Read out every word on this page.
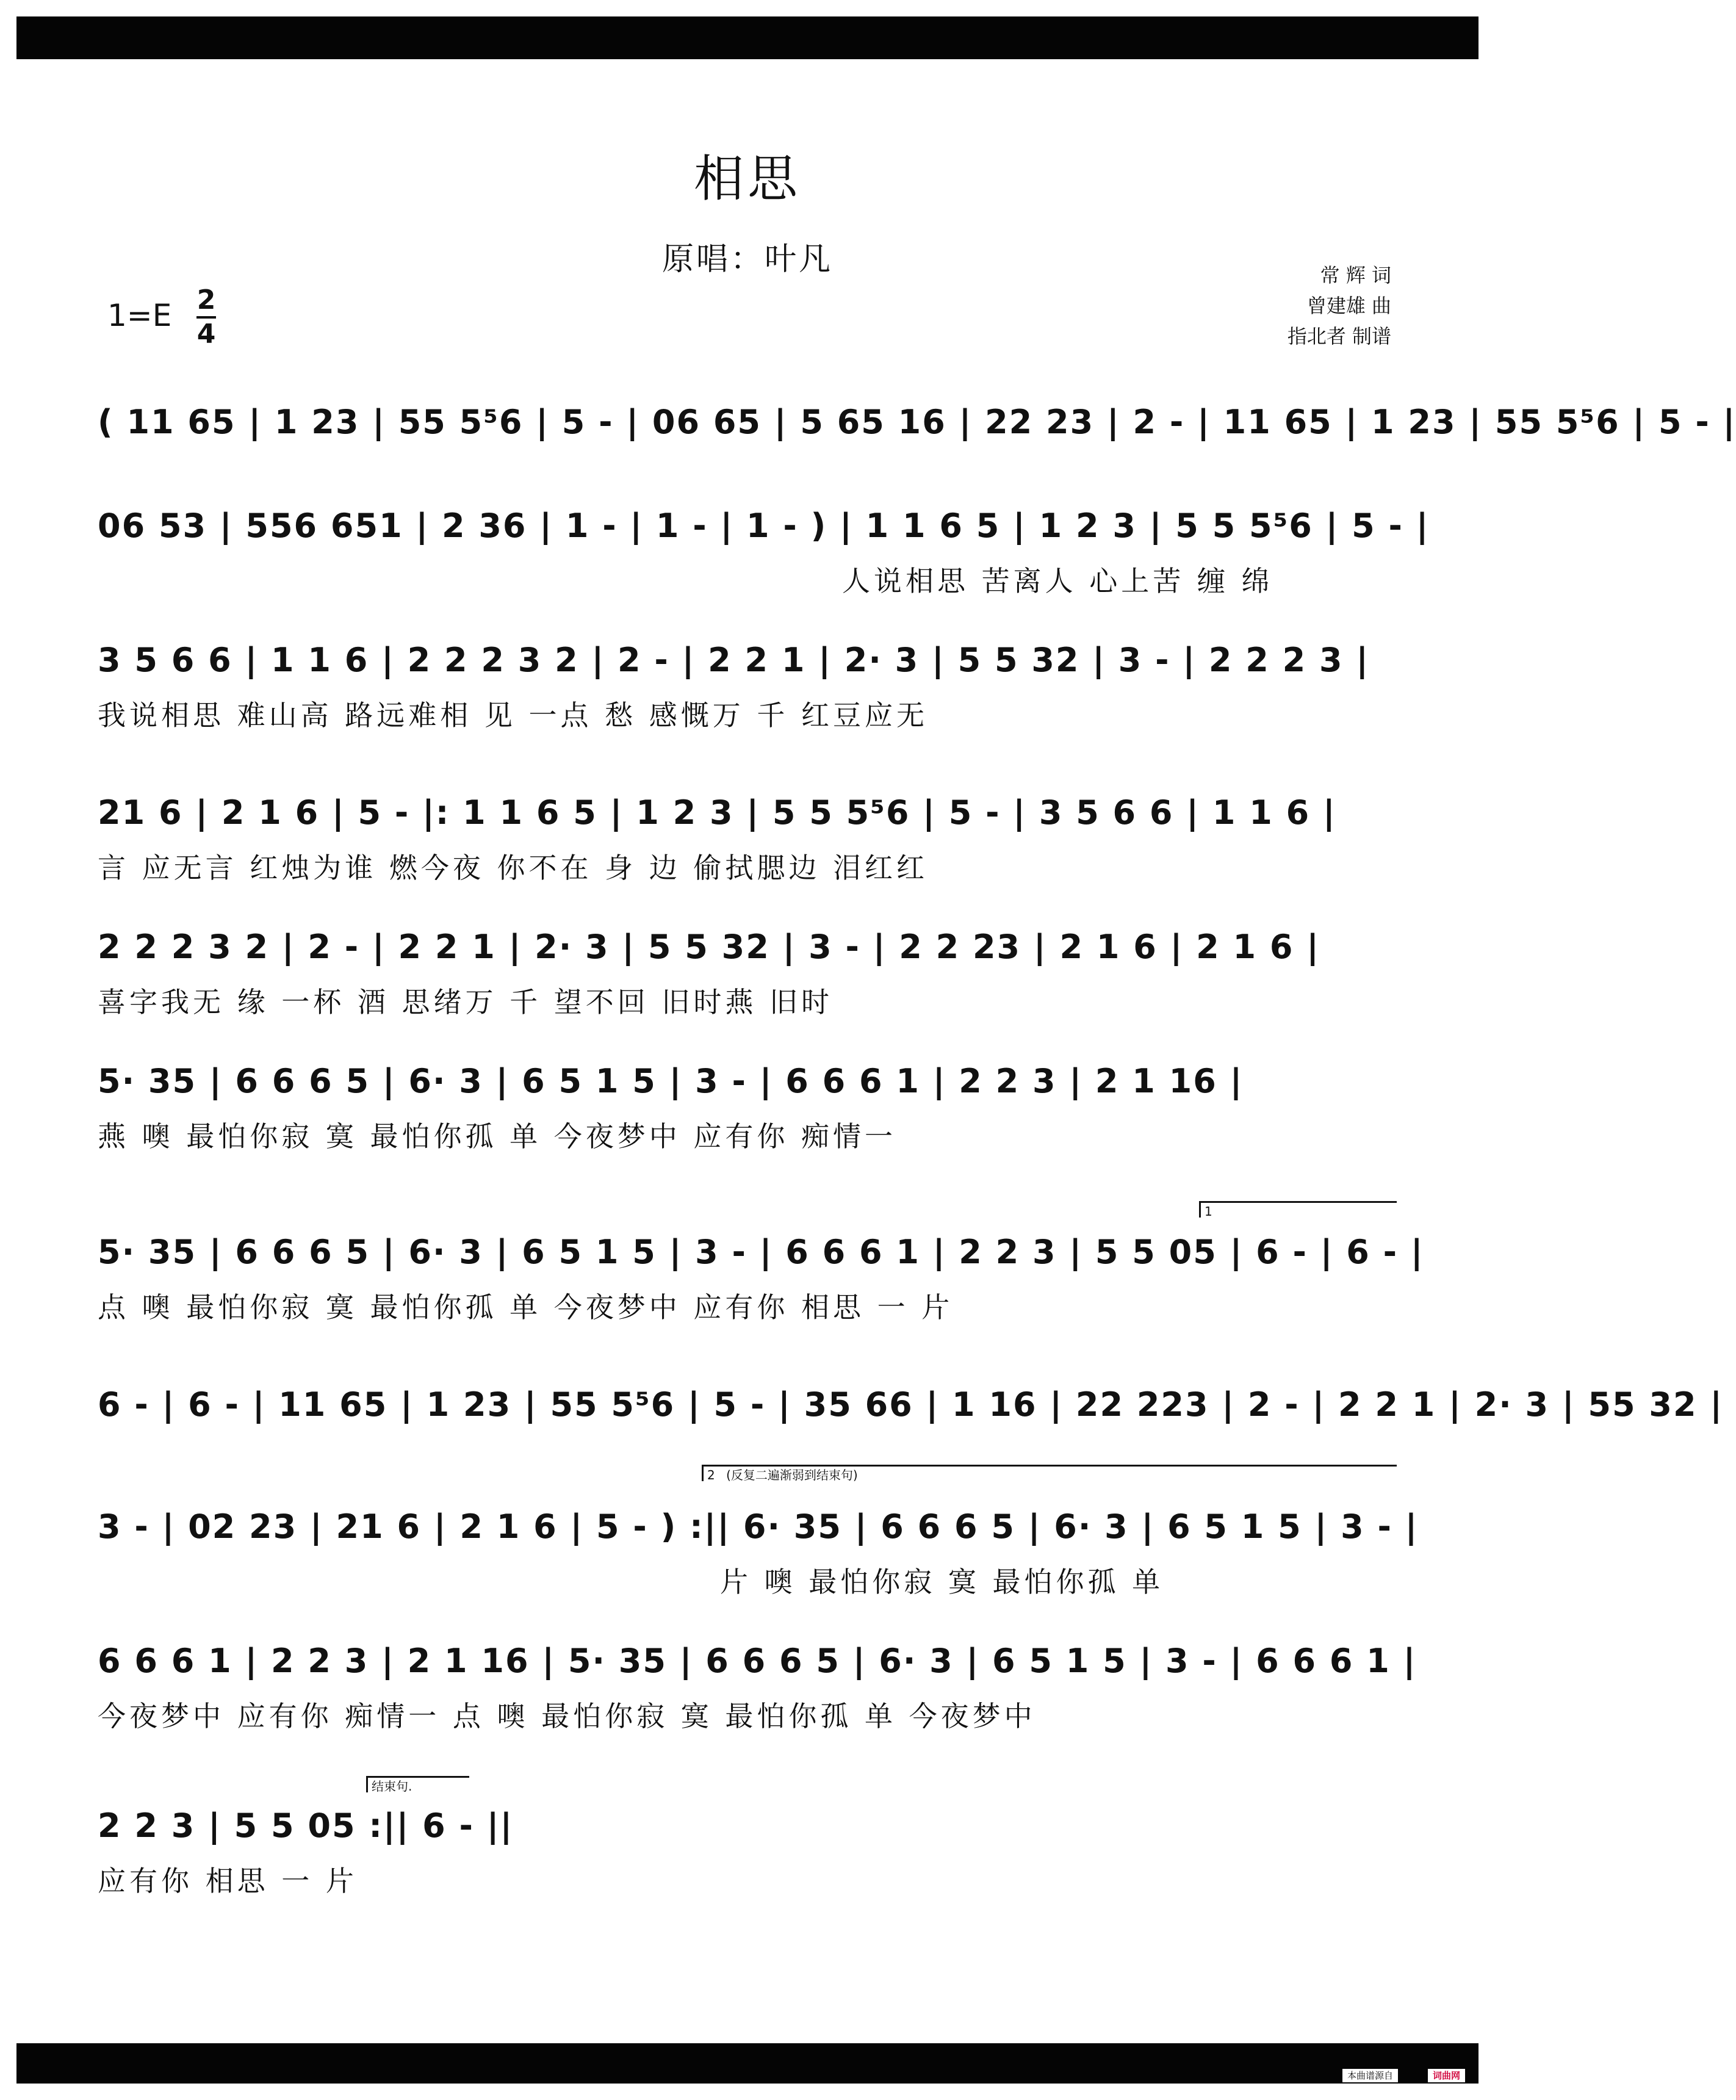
相思
原唱：叶凡	常 辉 词
曾建雄 曲
指北者 制谱
1=E 2
4
( 11 65 | 1 23 | 55 5⁵6 | 5 - | 06 65 | 5 65 16 | 22 23 | 2 - | 11 65 | 1 23 | 55 5⁵6 | 5 - |
06 53 | 556 651 | 2 36 | 1 - | 1 - | 1 - ) | 1 1 6 5 | 1 2 3 | 5 5 5⁵6 | 5 - |
人说相思 苦离人 心上苦 缠 绵
3 5 6 6 | 1 1 6 | 2 2 2 3 2 | 2 - | 2 2 1 | 2· 3 | 5 5 32 | 3 - | 2 2 2 3 |
我说相思 难山高 路远难相 见 一点 愁 感慨万 千 红豆应无
21 6 | 2 1 6 | 5 - |: 1 1 6 5 | 1 2 3 | 5 5 5⁵6 | 5 - | 3 5 6 6 | 1 1 6 |
言 应无言 红烛为谁 燃今夜 你不在 身 边 偷拭腮边 泪红红
2 2 2 3 2 | 2 - | 2 2 1 | 2· 3 | 5 5 32 | 3 - | 2 2 23 | 2 1 6 | 2 1 6 |
喜字我无 缘 一杯 酒 思绪万 千 望不回 旧时燕 旧时
5· 35 | 6 6 6 5 | 6· 3 | 6 5 1 5 | 3 - | 6 6 6 1 | 2 2 3 | 2 1 16 |
燕 噢 最怕你寂 寞 最怕你孤 单 今夜梦中 应有你 痴情一
1
5· 35 | 6 6 6 5 | 6· 3 | 6 5 1 5 | 3 - | 6 6 6 1 | 2 2 3 | 5 5 05 | 6 - | 6 - |
点 噢 最怕你寂 寞 最怕你孤 单 今夜梦中 应有你 相思 一 片
6 - | 6 - | 11 65 | 1 23 | 55 5⁵6 | 5 - | 35 66 | 1 16 | 22 223 | 2 - | 2 2 1 | 2· 3 | 55 32 |
2 (反复二遍渐弱到结束句)
3 - | 02 23 | 21 6 | 2 1 6 | 5 - ) :|| 6· 35 | 6 6 6 5 | 6· 3 | 6 5 1 5 | 3 - |
片 噢 最怕你寂 寞 最怕你孤 单
6 6 6 1 | 2 2 3 | 2 1 16 | 5· 35 | 6 6 6 5 | 6· 3 | 6 5 1 5 | 3 - | 6 6 6 1 |
今夜梦中 应有你 痴情一 点 噢 最怕你寂 寞 最怕你孤 单 今夜梦中
结束句.
2 2 3 | 5 5 05 :|| 6 - ||
应有你 相思 一 片
本曲谱源自	词曲网
